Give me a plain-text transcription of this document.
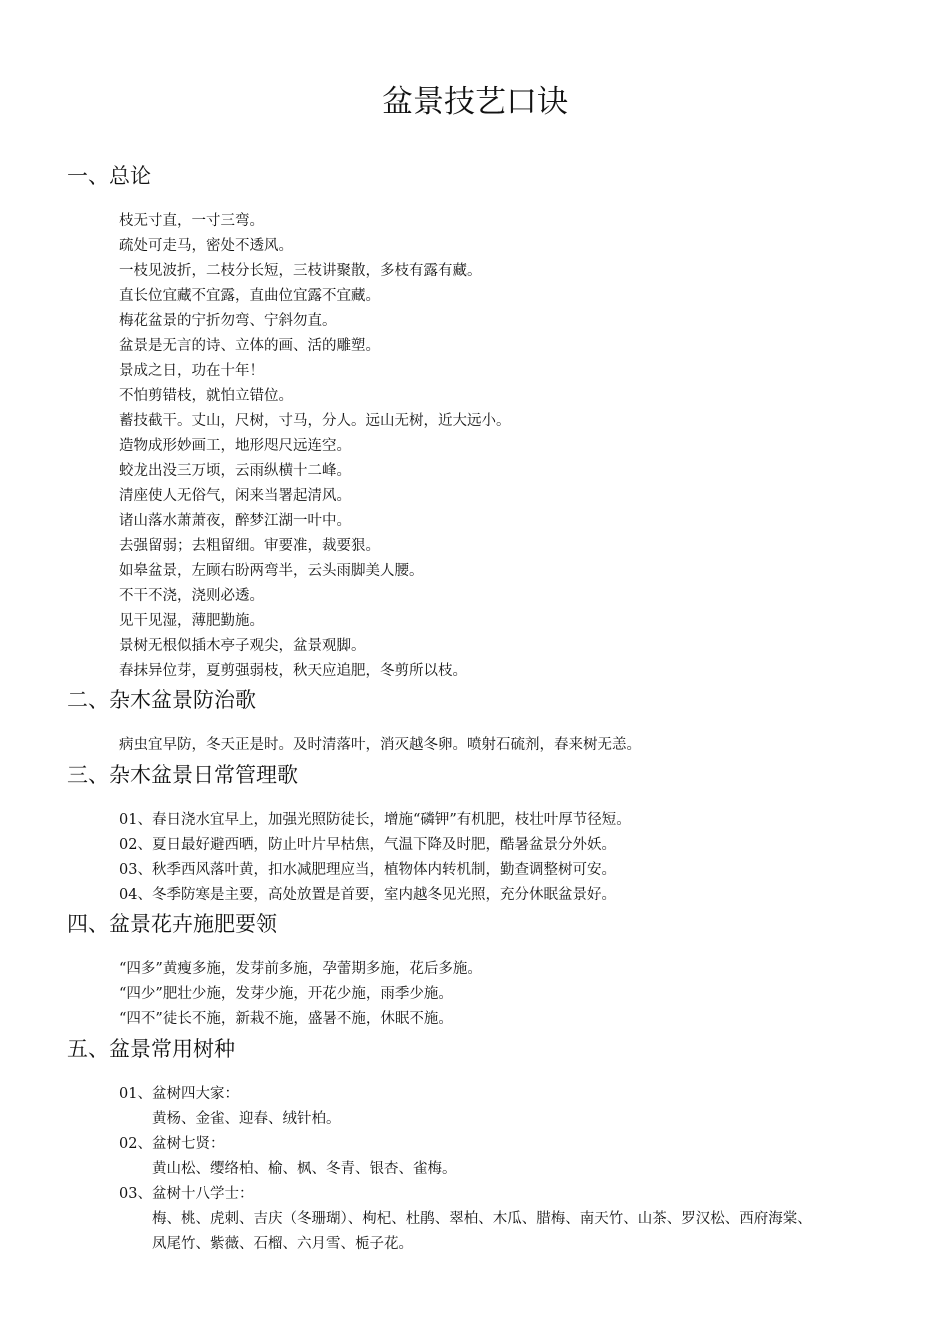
盆景技艺口诀
一、总论
枝无寸直，一寸三弯。
疏处可走马，密处不透风。
一枝见波折，二枝分长短，三枝讲聚散，多枝有露有藏。
直长位宜藏不宜露，直曲位宜露不宜藏。
梅花盆景的宁折勿弯、宁斜勿直。
盆景是无言的诗、立体的画、活的雕塑。
景成之日，功在十年！
不怕剪错枝，就怕立错位。
蓄技截干。丈山，尺树，寸马，分人。远山无树，近大远小。
造物成形妙画工，地形咫尺远连空。
蛟龙出没三万顷，云雨纵横十二峰。
清座使人无俗气，闲来当署起清风。
诸山落水萧萧夜，醉梦江湖一叶中。
去强留弱；去粗留细。审要准，裁要狠。
如皋盆景，左顾右盼两弯半，云头雨脚美人腰。
不干不浇，浇则必透。
见干见湿，薄肥勤施。
景树无根似插木亭子观尖，盆景观脚。
春抹异位芽，夏剪强弱枝，秋天应追肥，冬剪所以枝。
二、杂木盆景防治歌
病虫宜早防，冬天正是时。及时清落叶，消灭越冬卵。喷射石硫剂，春来树无恙。
三、杂木盆景日常管理歌
01、春日浇水宜早上，加强光照防徒长，增施“磷钾”有机肥，枝壮叶厚节径短。
02、夏日最好避西晒，防止叶片早枯焦，气温下降及时肥，酷暑盆景分外妖。
03、秋季西风落叶黄，扣水减肥理应当，植物体内转机制，勤查调整树可安。
04、冬季防寒是主要，高处放置是首要，室内越冬见光照，充分休眠盆景好。
四、盆景花卉施肥要领
“四多”黄瘦多施，发芽前多施，孕蕾期多施，花后多施。
“四少”肥壮少施，发芽少施，开花少施，雨季少施。
“四不”徒长不施，新栽不施，盛暑不施，休眠不施。
五、盆景常用树种
01、盆树四大家：
黄杨、金雀、迎春、绒针柏。
02、盆树七贤：
黄山松、缨络柏、榆、枫、冬青、银杏、雀梅。
03、盆树十八学士：
梅、桃、虎刺、吉庆（冬珊瑚）、枸杞、杜鹃、翠柏、木瓜、腊梅、南天竹、山茶、罗汉松、西府海棠、
凤尾竹、紫薇、石榴、六月雪、栀子花。
